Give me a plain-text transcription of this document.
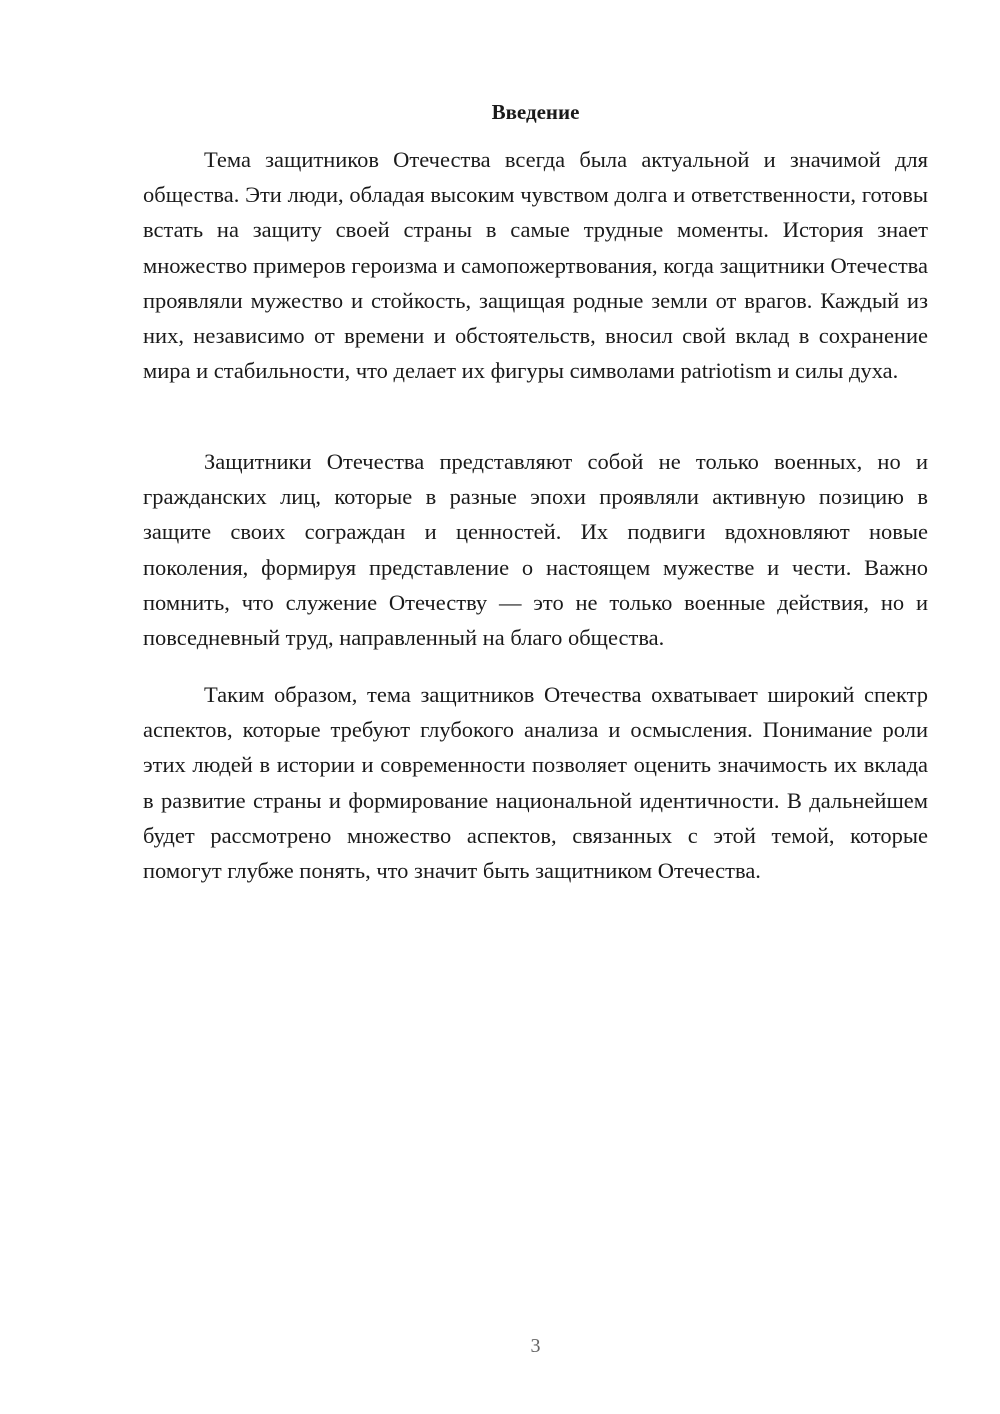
Введение

Тема защитников Отечества всегда была актуальной и значимой для общества. Эти люди, обладая высоким чувством долга и ответственности, готовы встать на защиту своей страны в самые трудные моменты. История знает множество примеров героизма и самопожертвования, когда защитники Отечества проявляли мужество и стойкость, защищая родные земли от врагов. Каждый из них, независимо от времени и обстоятельств, вносил свой вклад в сохранение мира и стабильности, что делает их фигуры символами patriotism и силы духа.

Защитники Отечества представляют собой не только военных, но и гражданских лиц, которые в разные эпохи проявляли активную позицию в защите своих сограждан и ценностей. Их подвиги вдохновляют новые поколения, формируя представление о настоящем мужестве и чести. Важно помнить, что служение Отечеству — это не только военные действия, но и повседневный труд, направленный на благо общества.

Таким образом, тема защитников Отечества охватывает широкий спектр аспектов, которые требуют глубокого анализа и осмысления. Понимание роли этих людей в истории и современности позволяет оценить значимость их вклада в развитие страны и формирование национальной идентичности. В дальнейшем будет рассмотрено множество аспектов, связанных с этой темой, которые помогут глубже понять, что значит быть защитником Отечества.

3
